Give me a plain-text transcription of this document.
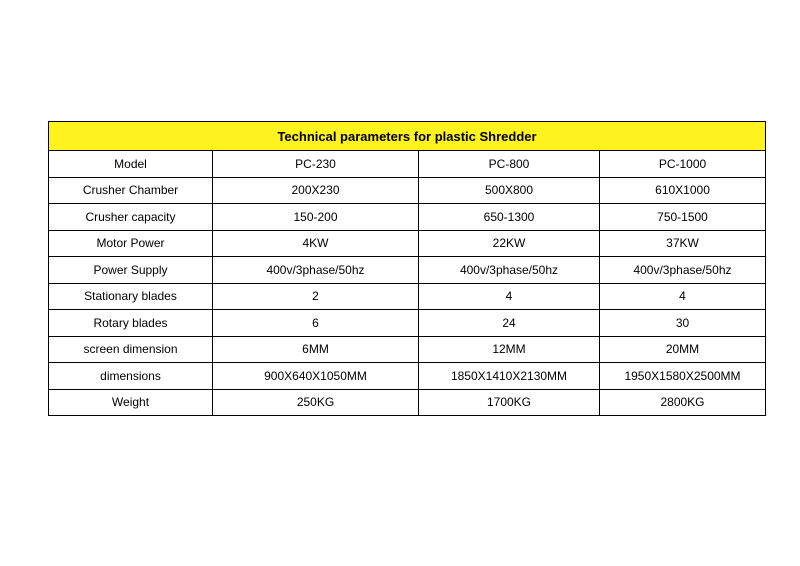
Technical parameters for plastic Shredder			
Model	PC-230	PC-800	PC-1000
Crusher Chamber	200X230	500X800	610X1000
Crusher capacity	150-200	650-1300	750-1500
Motor Power	4KW	22KW	37KW
Power Supply	400v/3phase/50hz	400v/3phase/50hz	400v/3phase/50hz
Stationary blades	2	4	4
Rotary blades	6	24	30
screen dimension	6MM	12MM	20MM
dimensions	900X640X1050MM	1850X1410X2130MM	1950X1580X2500MM
Weight	250KG	1700KG	2800KG
